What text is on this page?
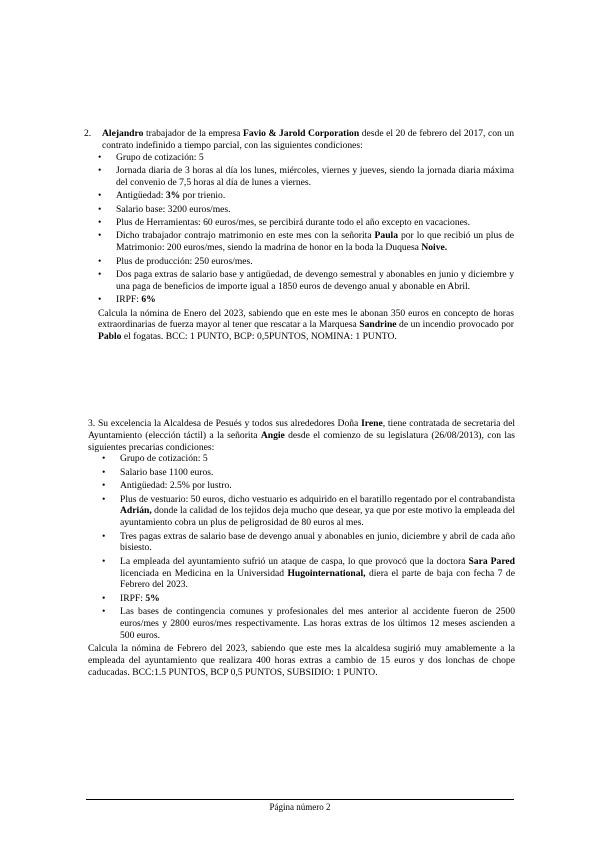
2.	Alejandro trabajador de la empresa Favio & Jarold Corporation desde el 20 de febrero del 2017, con un contrato indefinido a tiempo parcial, con las siguientes condiciones:

• Grupo de cotización: 5
• Jornada diaria de 3 horas al día los lunes, miércoles, viernes y jueves, siendo la jornada diaria máxima del convenio de 7,5 horas al día de lunes a viernes.
• Antigüedad: 3% por trienio.
• Salario base: 3200 euros/mes.
• Plus de Herramientas: 60 euros/mes, se percibirá durante todo el año excepto en vacaciones.
• Dicho trabajador contrajo matrimonio en este mes con la señorita Paula por lo que recibió un plus de Matrimonio: 200 euros/mes, siendo la madrina de honor en la boda la Duquesa Noive.
• Plus de producción: 250 euros/mes.
• Dos paga extras de salario base y antigüedad, de devengo semestral y abonables en junio y diciembre y una paga de beneficios de importe igual a 1850 euros de devengo anual y abonable en Abril.
• IRPF: 6%

Calcula la nómina de Enero del 2023, sabiendo que en este mes le abonan 350 euros en concepto de horas extraordinarias de fuerza mayor al tener que rescatar a la Marquesa Sandrine de un incendio provocado por Pablo el fogatas. BCC: 1 PUNTO, BCP: 0,5PUNTOS, NOMINA: 1 PUNTO.

3. Su excelencia la Alcaldesa de Pesués y todos sus alrededores Doña Irene, tiene contratada de secretaria del Ayuntamiento (elección táctil) a la señorita Angie desde el comienzo de su legislatura (26/08/2013), con las siguientes precarias condiciones:

• Grupo de cotización: 5
• Salario base 1100 euros.
• Antigüedad: 2.5% por lustro.
• Plus de vestuario: 50 euros, dicho vestuario es adquirido en el baratillo regentado por el contrabandista Adrián, donde la calidad de los tejidos deja mucho que desear, ya que por este motivo la empleada del ayuntamiento cobra un plus de peligrosidad de 80 euros al mes.
• Tres pagas extras de salario base de devengo anual y abonables en junio, diciembre y abril de cada año bisiesto.
• La empleada del ayuntamiento sufrió un ataque de caspa, lo que provocó que la doctora Sara Pared licenciada en Medicina en la Universidad Hugointernational, diera el parte de baja con fecha 7 de Febrero del 2023.
• IRPF: 5%
• Las bases de contingencia comunes y profesionales del mes anterior al accidente fueron de 2500 euros/mes y 2800 euros/mes respectivamente. Las horas extras de los últimos 12 meses ascienden a 500 euros.

Calcula la nómina de Febrero del 2023, sabiendo que este mes la alcaldesa sugirió muy amablemente a la empleada del ayuntamiento que realizara 400 horas extras a cambio de 15 euros y dos lonchas de chope caducadas. BCC:1.5 PUNTOS, BCP 0,5 PUNTOS, SUBSIDIO: 1 PUNTO.

Página número 2
